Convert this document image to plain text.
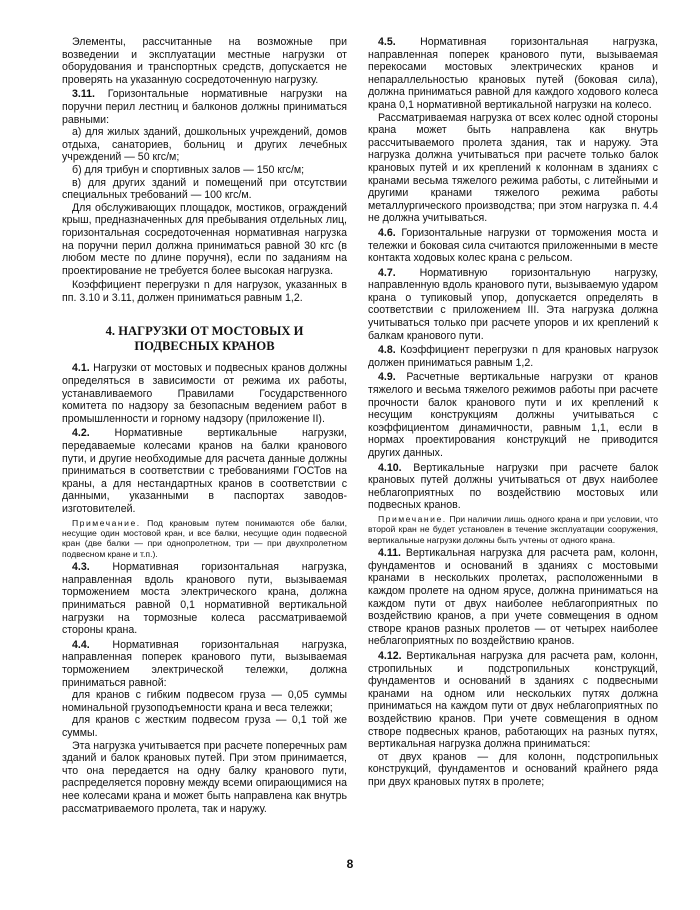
Элементы, рассчитанные на возможные при возведении и эксплуатации местные нагрузки от оборудования и транспортных средств, допускается не проверять на указанную сосредоточенную нагрузку.

3.11. Горизонтальные нормативные нагрузки на поручни перил лестниц и балконов должны приниматься равными:

а) для жилых зданий, дошкольных учреждений, домов отдыха, санаториев, больниц и других лечебных учреждений — 50 кгс/м;

б) для трибун и спортивных залов — 150 кгс/м;

в) для других зданий и помещений при отсутствии специальных требований — 100 кгс/м.

Для обслуживающих площадок, мостиков, ограждений крыш, предназначенных для пребывания отдельных лиц, горизонтальная сосредоточенная нормативная нагрузка на поручни перил должна приниматься равной 30 кгс (в любом месте по длине поручня), если по заданиям на проектирование не требуется более высокая нагрузка.

Коэффициент перегрузки n для нагрузок, указанных в пп. 3.10 и 3.11, должен приниматься равным 1,2.

4. НАГРУЗКИ ОТ МОСТОВЫХ И ПОДВЕСНЫХ КРАНОВ

4.1. Нагрузки от мостовых и подвесных кранов должны определяться в зависимости от режима их работы, устанавливаемого Правилами Государственного комитета по надзору за безопасным ведением работ в промышленности и горному надзору (приложение II).

4.2. Нормативные вертикальные нагрузки, передаваемые колесами кранов на балки кранового пути, и другие необходимые для расчета данные должны приниматься в соответствии с требованиями ГОСТов на краны, а для нестандартных кранов в соответствии с данными, указанными в паспортах заводов-изготовителей.

Примечание. Под крановым путем понимаются обе балки, несущие один мостовой кран, и все балки, несущие один подвесной кран (две балки — при однопролетном, три — при двухпролетном подвесном кране и т.п.).

4.3. Нормативная горизонтальная нагрузка, направленная вдоль кранового пути, вызываемая торможением моста электрического крана, должна приниматься равной 0,1 нормативной вертикальной нагрузки на тормозные колеса рассматриваемой стороны крана.

4.4. Нормативная горизонтальная нагрузка, направленная поперек кранового пути, вызываемая торможением электрической тележки, должна приниматься равной:

для кранов с гибким подвесом груза — 0,05 суммы номинальной грузоподъемности крана и веса тележки;

для кранов с жестким подвесом груза — 0,1 той же суммы.

Эта нагрузка учитывается при расчете поперечных рам зданий и балок крановых путей. При этом принимается, что она передается на одну балку кранового пути, распределяется поровну между всеми опирающимися на нее колесами крана и может быть направлена как внутрь рассматриваемого пролета, так и наружу.

4.5. Нормативная горизонтальная нагрузка, направленная поперек кранового пути, вызываемая перекосами мостовых электрических кранов и непараллельностью крановых путей (боковая сила), должна приниматься равной для каждого ходового колеса крана 0,1 нормативной вертикальной нагрузки на колесо.

Рассматриваемая нагрузка от всех колес одной стороны крана может быть направлена как внутрь рассчитываемого пролета здания, так и наружу. Эта нагрузка должна учитываться при расчете только балок крановых путей и их креплений к колоннам в зданиях с кранами весьма тяжелого режима работы, с литейными и другими кранами тяжелого режима работы металлургического производства; при этом нагрузка п. 4.4 не должна учитываться.

4.6. Горизонтальные нагрузки от торможения моста и тележки и боковая сила считаются приложенными в месте контакта ходовых колес крана с рельсом.

4.7. Нормативную горизонтальную нагрузку, направленную вдоль кранового пути, вызываемую ударом крана о тупиковый упор, допускается определять в соответствии с приложением III. Эта нагрузка должна учитываться только при расчете упоров и их креплений к балкам кранового пути.

4.8. Коэффициент перегрузки n для крановых нагрузок должен приниматься равным 1,2.

4.9. Расчетные вертикальные нагрузки от кранов тяжелого и весьма тяжелого режимов работы при расчете прочности балок кранового пути и их креплений к несущим конструкциям должны учитываться с коэффициентом динамичности, равным 1,1, если в нормах проектирования конструкций не приводится других данных.

4.10. Вертикальные нагрузки при расчете балок крановых путей должны учитываться от двух наиболее неблагоприятных по воздействию мостовых или подвесных кранов.

Примечание. При наличии лишь одного крана и при условии, что второй кран не будет установлен в течение эксплуатации сооружения, вертикальные нагрузки должны быть учтены от одного крана.

4.11. Вертикальная нагрузка для расчета рам, колонн, фундаментов и оснований в зданиях с мостовыми кранами в нескольких пролетах, расположенными в каждом пролете на одном ярусе, должна приниматься на каждом пути от двух наиболее неблагоприятных по воздействию кранов, а при учете совмещения в одном створе кранов разных пролетов — от четырех наиболее неблагоприятных по воздействию кранов.

4.12. Вертикальная нагрузка для расчета рам, колонн, стропильных и подстропильных конструкций, фундаментов и оснований в зданиях с подвесными кранами на одном или нескольких путях должна приниматься на каждом пути от двух неблагоприятных по воздействию кранов. При учете совмещения в одном створе подвесных кранов, работающих на разных путях, вертикальная нагрузка должна приниматься:

от двух кранов — для колонн, подстропильных конструкций, фундаментов и оснований крайнего ряда при двух крановых путях в пролете;

8
